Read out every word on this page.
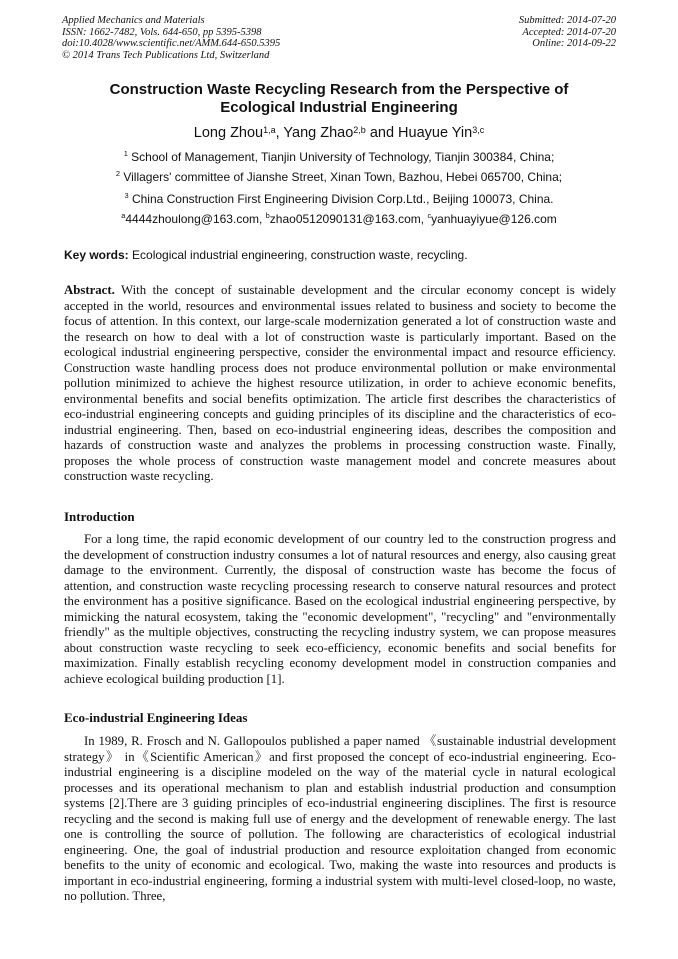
Applied Mechanics and Materials
ISSN: 1662-7482, Vols. 644-650, pp 5395-5398
doi:10.4028/www.scientific.net/AMM.644-650.5395
© 2014 Trans Tech Publications Ltd, Switzerland
Submitted: 2014-07-20
Accepted: 2014-07-20
Online: 2014-09-22
Construction Waste Recycling Research from the Perspective of
Ecological Industrial Engineering
Long Zhou$^{1,a}$, Yang Zhao$^{2,b}$ and Huayue Yin$^{3,c}$
$^1$ School of Management, Tianjin University of Technology, Tianjin 300384, China;
$^2$ Villagers' committee of Jianshe Street, Xinan Town, Bazhou, Hebei 065700, China;
$^3$ China Construction First Engineering Division Corp.Ltd., Beijing 100073, China.
$^a$4444zhoulong@163.com, $^b$zhao0512090131@163.com, $^c$yanhuayiyue@126.com
Key words: Ecological industrial engineering, construction waste, recycling.
Abstract. With the concept of sustainable development and the circular economy concept is widely accepted in the world, resources and environmental issues related to business and society to become the focus of attention. In this context, our large-scale modernization generated a lot of construction waste and the research on how to deal with a lot of construction waste is particularly important. Based on the ecological industrial engineering perspective, consider the environmental impact and resource efficiency. Construction waste handling process does not produce environmental pollution or make environmental pollution minimized to achieve the highest resource utilization, in order to achieve economic benefits, environmental benefits and social benefits optimization. The article first describes the characteristics of eco-industrial engineering concepts and guiding principles of its discipline and the characteristics of eco-industrial engineering. Then, based on eco-industrial engineering ideas, describes the composition and hazards of construction waste and analyzes the problems in processing construction waste. Finally, proposes the whole process of construction waste management model and concrete measures about construction waste recycling.
Introduction
For a long time, the rapid economic development of our country led to the construction progress and the development of construction industry consumes a lot of natural resources and energy, also causing great damage to the environment. Currently, the disposal of construction waste has become the focus of attention, and construction waste recycling processing research to conserve natural resources and protect the environment has a positive significance. Based on the ecological industrial engineering perspective, by mimicking the natural ecosystem, taking the "economic development", "recycling" and "environmentally friendly" as the multiple objectives, constructing the recycling industry system, we can propose measures about construction waste recycling to seek eco-efficiency, economic benefits and social benefits for maximization. Finally establish recycling economy development model in construction companies and achieve ecological building production [1].
Eco-industrial Engineering Ideas
In 1989, R. Frosch and N. Gallopoulos published a paper named 《sustainable industrial development strategy》 in《Scientific American》and first proposed the concept of eco-industrial engineering. Eco-industrial engineering is a discipline modeled on the way of the material cycle in natural ecological processes and its operational mechanism to plan and establish industrial production and consumption systems [2].There are 3 guiding principles of eco-industrial engineering disciplines. The first is resource recycling and the second is making full use of energy and the development of renewable energy. The last one is controlling the source of pollution. The following are characteristics of ecological industrial engineering. One, the goal of industrial production and resource exploitation changed from economic benefits to the unity of economic and ecological. Two, making the waste into resources and products is important in eco-industrial engineering, forming a industrial system with multi-level closed-loop, no waste, no pollution. Three,
